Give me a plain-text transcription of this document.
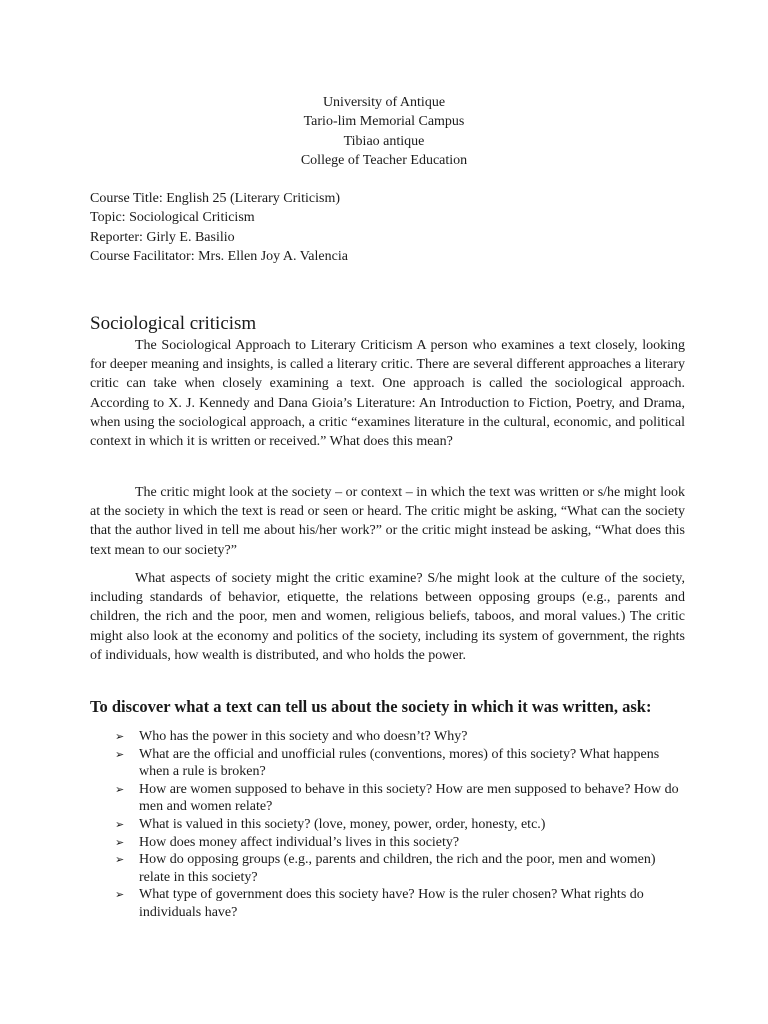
University of Antique
Tario-lim Memorial Campus
Tibiao antique
College of Teacher Education
Course Title: English 25 (Literary Criticism)
Topic: Sociological Criticism
Reporter: Girly E. Basilio
Course Facilitator: Mrs. Ellen Joy A. Valencia
Sociological criticism

The Sociological Approach to Literary Criticism A person who examines a text closely, looking for deeper meaning and insights, is called a literary critic. There are several different approaches a literary critic can take when closely examining a text. One approach is called the sociological approach. According to X. J. Kennedy and Dana Gioia’s Literature: An Introduction to Fiction, Poetry, and Drama, when using the sociological approach, a critic “examines literature in the cultural, economic, and political context in which it is written or received.” What does this mean?

The critic might look at the society – or context – in which the text was written or s/he might look at the society in which the text is read or seen or heard. The critic might be asking, “What can the society that the author lived in tell me about his/her work?” or the critic might instead be asking, “What does this text mean to our society?”

What aspects of society might the critic examine? S/he might look at the culture of the society, including standards of behavior, etiquette, the relations between opposing groups (e.g., parents and children, the rich and the poor, men and women, religious beliefs, taboos, and moral values.) The critic might also look at the economy and politics of the society, including its system of government, the rights of individuals, how wealth is distributed, and who holds the power.

To discover what a text can tell us about the society in which it was written, ask:
➢ Who has the power in this society and who doesn’t? Why?
➢ What are the official and unofficial rules (conventions, mores) of this society? What happens when a rule is broken?
➢ How are women supposed to behave in this society? How are men supposed to behave? How do men and women relate?
➢ What is valued in this society? (love, money, power, order, honesty, etc.)
➢ How does money affect individual’s lives in this society?
➢ How do opposing groups (e.g., parents and children, the rich and the poor, men and women) relate in this society?
➢ What type of government does this society have? How is the ruler chosen? What rights do individuals have?
